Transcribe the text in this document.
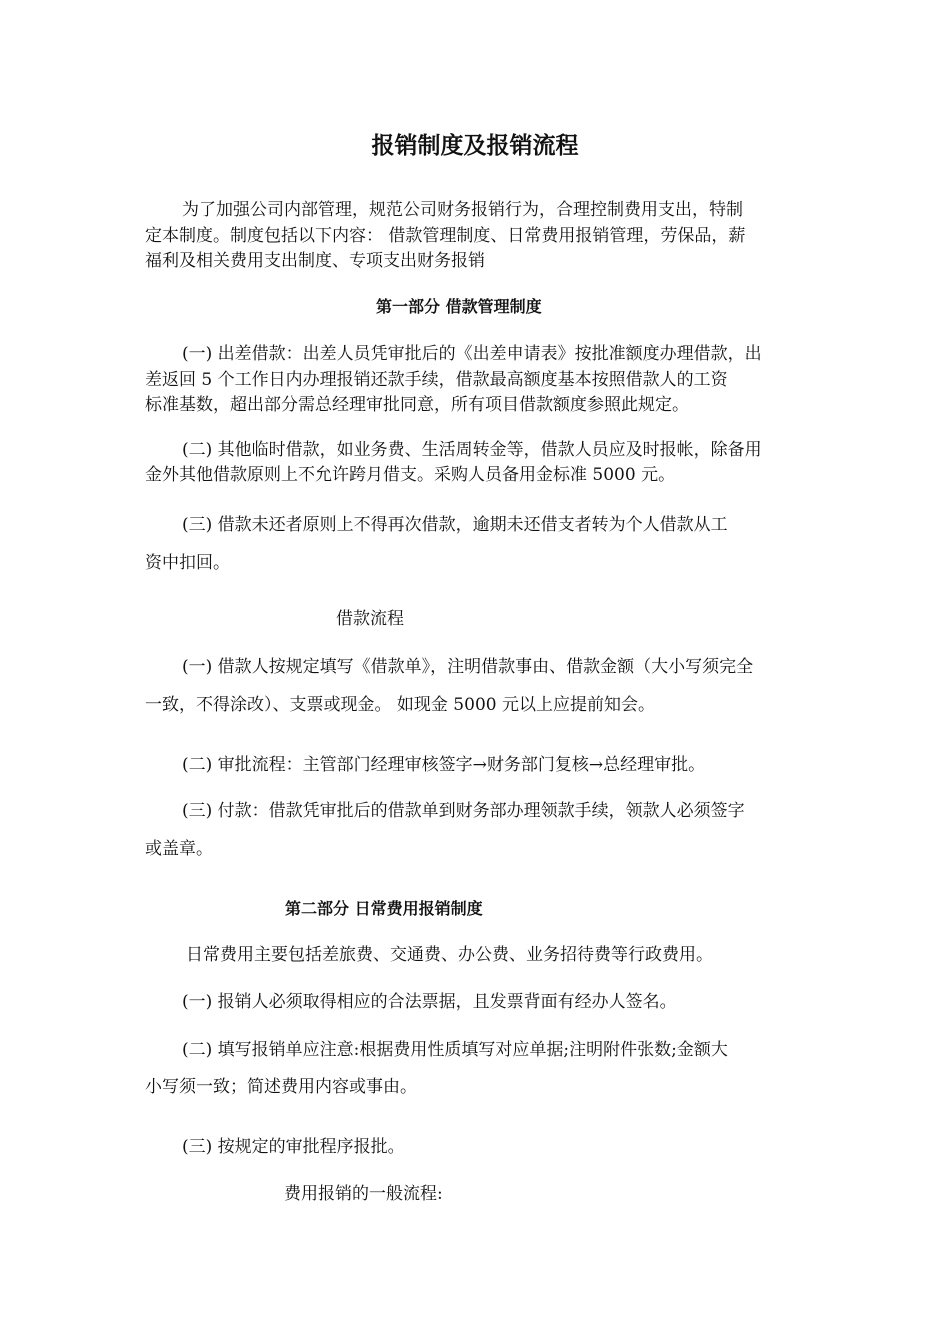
报销制度及报销流程
为了加强公司内部管理，规范公司财务报销行为，合理控制费用支出，特制
定本制度。制度包括以下内容： 借款管理制度、日常费用报销管理，劳保品，薪
福利及相关费用支出制度、专项支出财务报销
第一部分 借款管理制度
(一) 出差借款：出差人员凭审批后的《出差申请表》按批准额度办理借款，出
差返回 5 个工作日内办理报销还款手续，借款最高额度基本按照借款人的工资
标准基数，超出部分需总经理审批同意，所有项目借款额度参照此规定。
(二) 其他临时借款，如业务费、生活周转金等，借款人员应及时报帐，除备用
金外其他借款原则上不允许跨月借支。采购人员备用金标准 5000 元。
(三) 借款未还者原则上不得再次借款，逾期未还借支者转为个人借款从工
资中扣回。
借款流程
(一) 借款人按规定填写《借款单》，注明借款事由、借款金额（大小写须完全
一致，不得涂改）、支票或现金。 如现金 5000 元以上应提前知会。
(二) 审批流程：主管部门经理审核签字→财务部门复核→总经理审批。
(三) 付款：借款凭审批后的借款单到财务部办理领款手续，领款人必须签字
或盖章。
第二部分 日常费用报销制度
日常费用主要包括差旅费、交通费、办公费、业务招待费等行政费用。
(一) 报销人必须取得相应的合法票据，且发票背面有经办人签名。
(二) 填写报销单应注意:根据费用性质填写对应单据;注明附件张数;金额大
小写须一致；简述费用内容或事由。
(三) 按规定的审批程序报批。
费用报销的一般流程:
